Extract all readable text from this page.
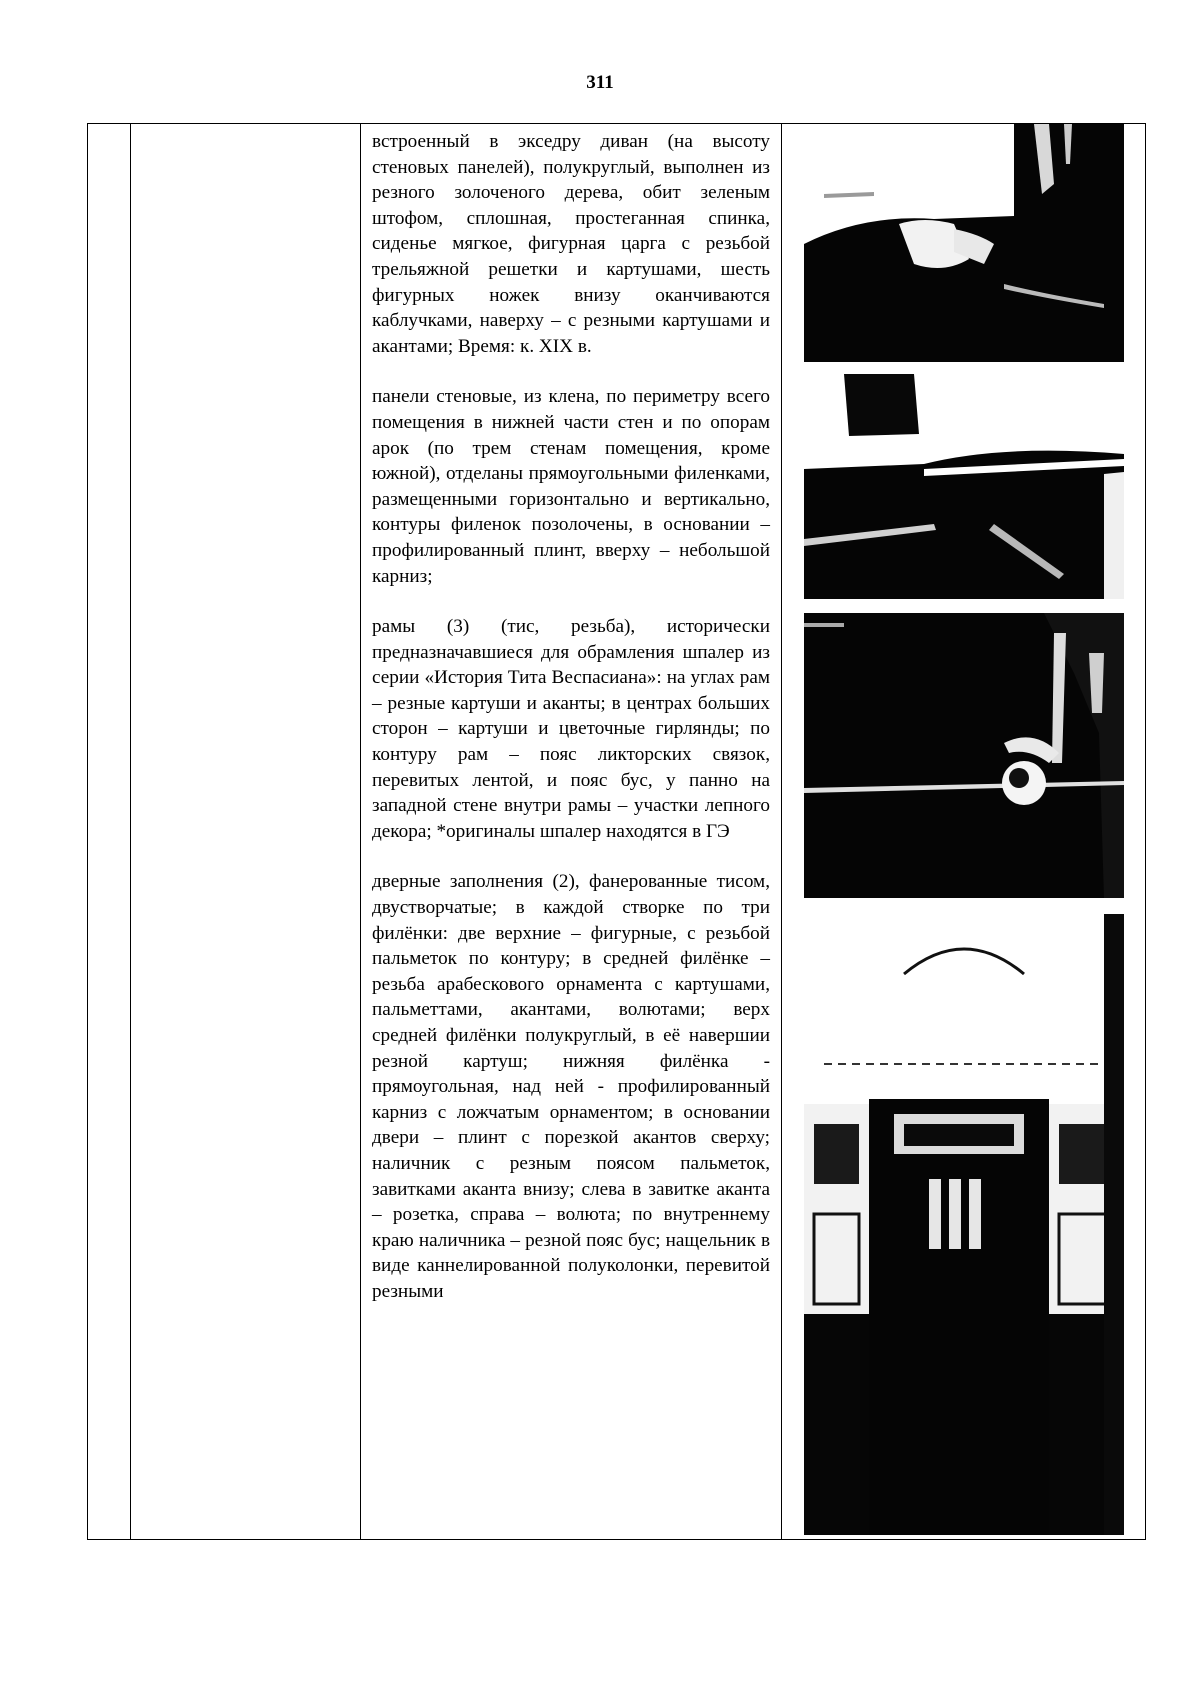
311

встроенный в экседру диван (на высоту стеновых панелей), полукруглый, выполнен из резного золоченого дерева, обит зеленым штофом, сплошная, простеганная спинка, сиденье мягкое, фигурная царга с резьбой трельяжной решетки и картушами, шесть фигурных ножек внизу оканчиваются каблучками, наверху – с резными картушами и акантами; Время: к. XIX в.

панели стеновые, из клена, по периметру всего помещения в нижней части стен и по опорам арок (по трем стенам помещения, кроме южной), отделаны прямоугольными филенками, размещенными горизонтально и вертикально, контуры филенок позолочены, в основании – профилированный плинт, вверху – небольшой карниз;

рамы (3) (тис, резьба), исторически предназначавшиеся для обрамления шпалер из серии «История Тита Веспасиана»: на углах рам – резные картуши и аканты; в центрах больших сторон – картуши и цветочные гирлянды; по контуру рам – пояс ликторских связок, перевитых лентой, и пояс бус, у панно на западной стене внутри рамы – участки лепного декора; *оригиналы шпалер находятся в ГЭ

дверные заполнения (2), фанерованные тисом, двустворчатые; в каждой створке по три филёнки: две верхние – фигурные, с резьбой пальметок по контуру; в средней филёнке – резьба арабескового орнамента с картушами, пальметтами, акантами, волютами; верх средней филёнки полукруглый, в её навершии резной картуш; нижняя филёнка - прямоугольная, над ней - профилированный карниз с ложчатым орнаментом; в основании двери – плинт с порезкой акантов сверху; наличник с резным поясом пальметок, завитками аканта внизу; слева в завитке аканта – розетка, справа – волюта; по внутреннему краю наличника – резной пояс бус; нащельник в виде каннелированной полуколонки, перевитой резными
